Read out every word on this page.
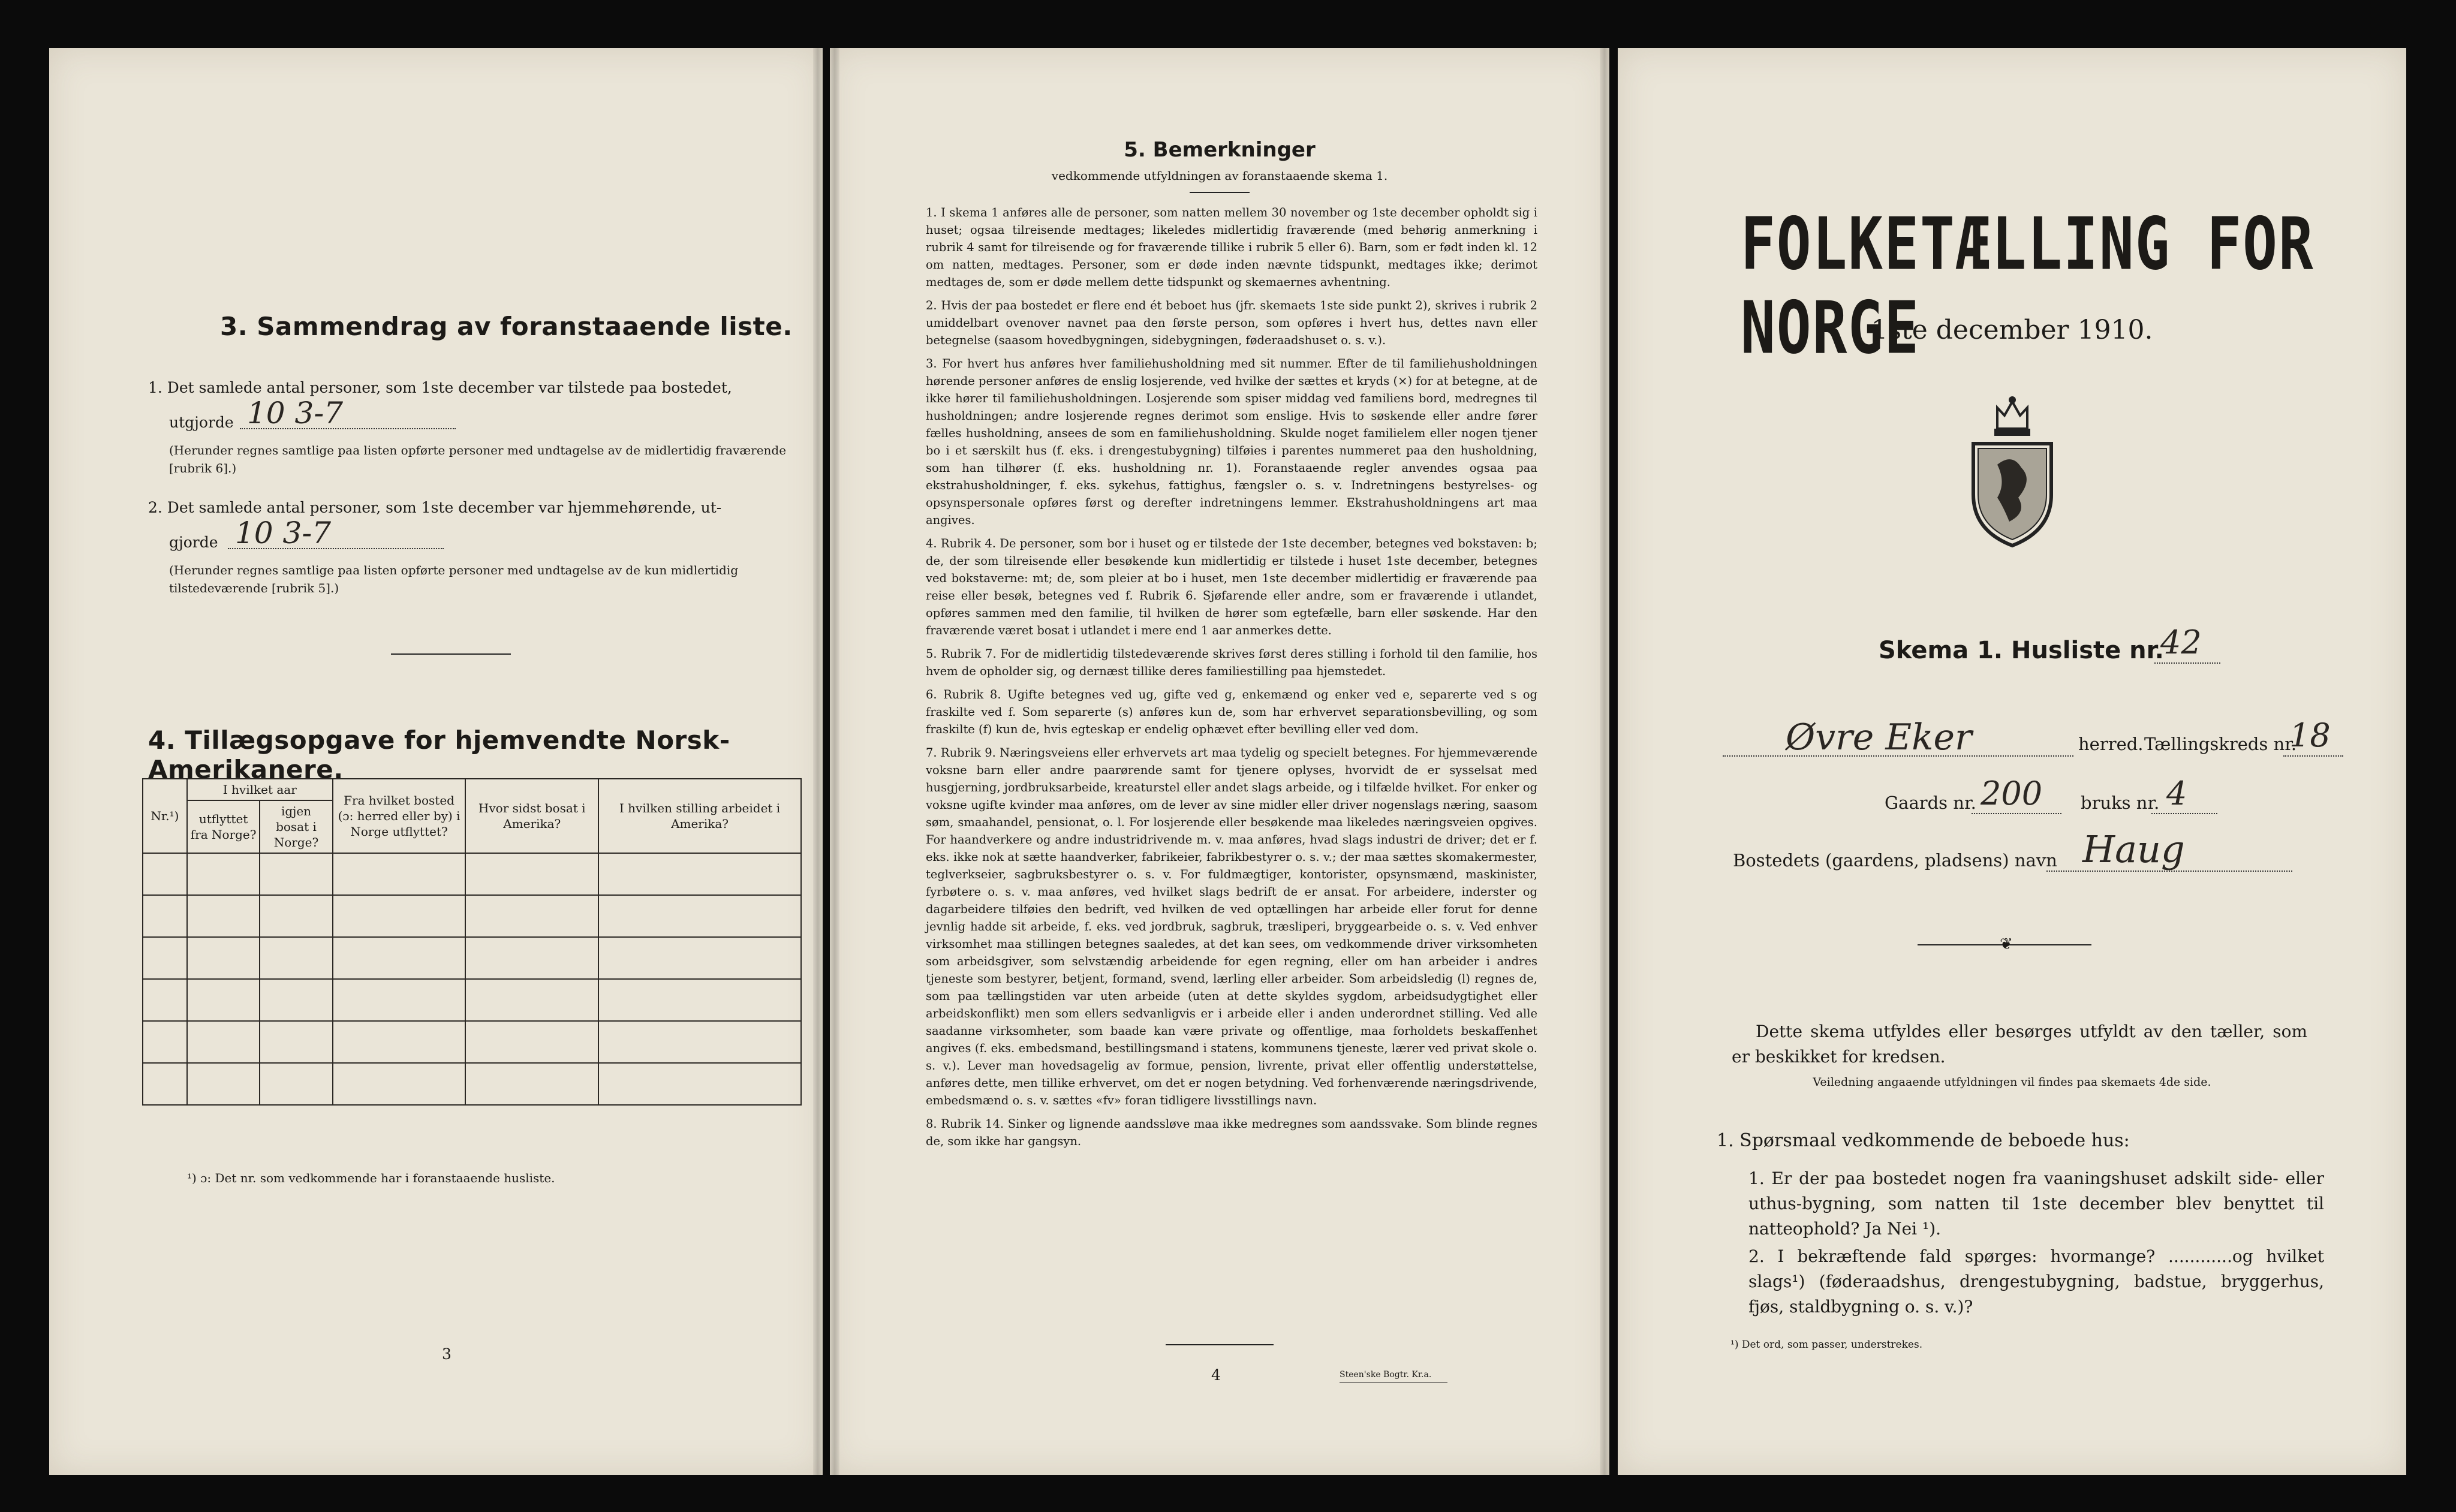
3. Sammendrag av foranstaaende liste.
1. Det samlede antal personer, som 1ste december var tilstede paa bostedet,
utgjorde 10 3-7
(Herunder regnes samtlige paa listen opførte personer med undtagelse av de midlertidig fraværende [rubrik 6].)
2. Det samlede antal personer, som 1ste december var hjemmehørende, ut-
gjorde 10 3-7
(Herunder regnes samtlige paa listen opførte personer med undtagelse av de kun midlertidig tilstedeværende [rubrik 5].)
4. Tillægsopgave for hjemvendte Norsk-Amerikanere.
Nr.¹)	I hvilket aar		Fra hvilket bosted (ɔ: herred eller by) i Norge utflyttet?	Hvor sidst bosat i Amerika?	I hvilken stilling arbeidet i Amerika?
	utflyttet fra Norge?	igjen bosat i Norge?			

¹) ɔ: Det nr. som vedkommende har i foranstaaende husliste.
3
5. Bemerkninger
vedkommende utfyldningen av foranstaaende skema 1.

1. I skema 1 anføres alle de personer, som natten mellem 30 november og 1ste december opholdt sig i huset; ogsaa tilreisende medtages; likeledes midlertidig fraværende (med behørig anmerkning i rubrik 4 samt for tilreisende og for fraværende tillike i rubrik 5 eller 6). Barn, som er født inden kl. 12 om natten, medtages. Personer, som er døde inden nævnte tidspunkt, medtages ikke; derimot medtages de, som er døde mellem dette tidspunkt og skemaernes avhentning.

2. Hvis der paa bostedet er flere end ét beboet hus (jfr. skemaets 1ste side punkt 2), skrives i rubrik 2 umiddelbart ovenover navnet paa den første person, som opføres i hvert hus, dettes navn eller betegnelse (saasom hovedbygningen, sidebygningen, føderaadshuset o. s. v.).

3. For hvert hus anføres hver familiehusholdning med sit nummer. Efter de til familiehusholdningen hørende personer anføres de enslig losjerende, ved hvilke der sættes et kryds (×) for at betegne, at de ikke hører til familiehusholdningen. Losjerende som spiser middag ved familiens bord, medregnes til husholdningen; andre losjerende regnes derimot som enslige. Hvis to søskende eller andre fører fælles husholdning, ansees de som en familiehusholdning. Skulde noget familielem eller nogen tjener bo i et særskilt hus (f. eks. i drengestubygning) tilføies i parentes nummeret paa den husholdning, som han tilhører (f. eks. husholdning nr. 1). Foranstaaende regler anvendes ogsaa paa ekstrahusholdninger, f. eks. sykehus, fattighus, fængsler o. s. v. Indretningens bestyrelses- og opsynspersonale opføres først og derefter indretningens lemmer. Ekstrahusholdningens art maa angives.

4. Rubrik 4. De personer, som bor i huset og er tilstede der 1ste december, betegnes ved bokstaven: b; de, der som tilreisende eller besøkende kun midlertidig er tilstede i huset 1ste december, betegnes ved bokstaverne: mt; de, som pleier at bo i huset, men 1ste december midlertidig er fraværende paa reise eller besøk, betegnes ved f. Rubrik 6. Sjøfarende eller andre, som er fraværende i utlandet, opføres sammen med den familie, til hvilken de hører som egtefælle, barn eller søskende. Har den fraværende været bosat i utlandet i mere end 1 aar anmerkes dette.

5. Rubrik 7. For de midlertidig tilstedeværende skrives først deres stilling i forhold til den familie, hos hvem de opholder sig, og dernæst tillike deres familiestilling paa hjemstedet.

6. Rubrik 8. Ugifte betegnes ved ug, gifte ved g, enkemænd og enker ved e, separerte ved s og fraskilte ved f. Som separerte (s) anføres kun de, som har erhvervet separationsbevilling, og som fraskilte (f) kun de, hvis egteskap er endelig ophævet efter bevilling eller ved dom.

7. Rubrik 9. Næringsveiens eller erhvervets art maa tydelig og specielt betegnes. For hjemmeværende voksne barn eller andre paarørende samt for tjenere oplyses, hvorvidt de er sysselsat med husgjerning, jordbruksarbeide, kreaturstel eller andet slags arbeide, og i tilfælde hvilket. For enker og voksne ugifte kvinder maa anføres, om de lever av sine midler eller driver nogenslags næring, saasom søm, smaahandel, pensionat, o. l. For losjerende eller besøkende maa likeledes næringsveien opgives. For haandverkere og andre industridrivende m. v. maa anføres, hvad slags industri de driver; det er f. eks. ikke nok at sætte haandverker, fabrikeier, fabrikbestyrer o. s. v.; der maa sættes skomakermester, teglverkseier, sagbruksbestyrer o. s. v. For fuldmægtiger, kontorister, opsynsmænd, maskinister, fyrbøtere o. s. v. maa anføres, ved hvilket slags bedrift de er ansat. For arbeidere, inderster og dagarbeidere tilføies den bedrift, ved hvilken de ved optællingen har arbeide eller forut for denne jevnlig hadde sit arbeide, f. eks. ved jordbruk, sagbruk, træsliperi, bryggearbeide o. s. v. Ved enhver virksomhet maa stillingen betegnes saaledes, at det kan sees, om vedkommende driver virksomheten som arbeidsgiver, som selvstændig arbeidende for egen regning, eller om han arbeider i andres tjeneste som bestyrer, betjent, formand, svend, lærling eller arbeider. Som arbeidsledig (l) regnes de, som paa tællingstiden var uten arbeide (uten at dette skyldes sygdom, arbeidsudygtighet eller arbeidskonflikt) men som ellers sedvanligvis er i arbeide eller i anden underordnet stilling. Ved alle saadanne virksomheter, som baade kan være private og offentlige, maa forholdets beskaffenhet angives (f. eks. embedsmand, bestillingsmand i statens, kommunens tjeneste, lærer ved privat skole o. s. v.). Lever man hovedsagelig av formue, pension, livrente, privat eller offentlig understøttelse, anføres dette, men tillike erhvervet, om det er nogen betydning. Ved forhenværende næringsdrivende, embedsmænd o. s. v. sættes «fv» foran tidligere livsstillings navn.

8. Rubrik 14. Sinker og lignende aandssløve maa ikke medregnes som aandssvake. Som blinde regnes de, som ikke har gangsyn.

4	Steen'ske Bogtr. Kr.a.
FOLKETÆLLING FOR NORGE
1ste december 1910.
Skema 1. Husliste nr.
42
Øvre Eker	herred. Tællingskreds nr.
18
Gaards nr. 200 bruks nr. 4
Bostedets (gaardens, pladsens) navn Haug
❦
Dette skema utfyldes eller besørges utfyldt av den tæller, som er beskikket for kredsen.
Veiledning angaaende utfyldningen vil findes paa skemaets 4de side.
1. Spørsmaal vedkommende de beboede hus:
1. Er der paa bostedet nogen fra vaaningshuset adskilt side- eller uthus-bygning, som natten til 1ste december blev benyttet til natteophold? Ja Nei ¹).
2. I bekræftende fald spørges: hvormange? ............og hvilket slags¹) (føderaadshus, drengestubygning, badstue, bryggerhus, fjøs, staldbygning o. s. v.)?
¹) Det ord, som passer, understrekes.
